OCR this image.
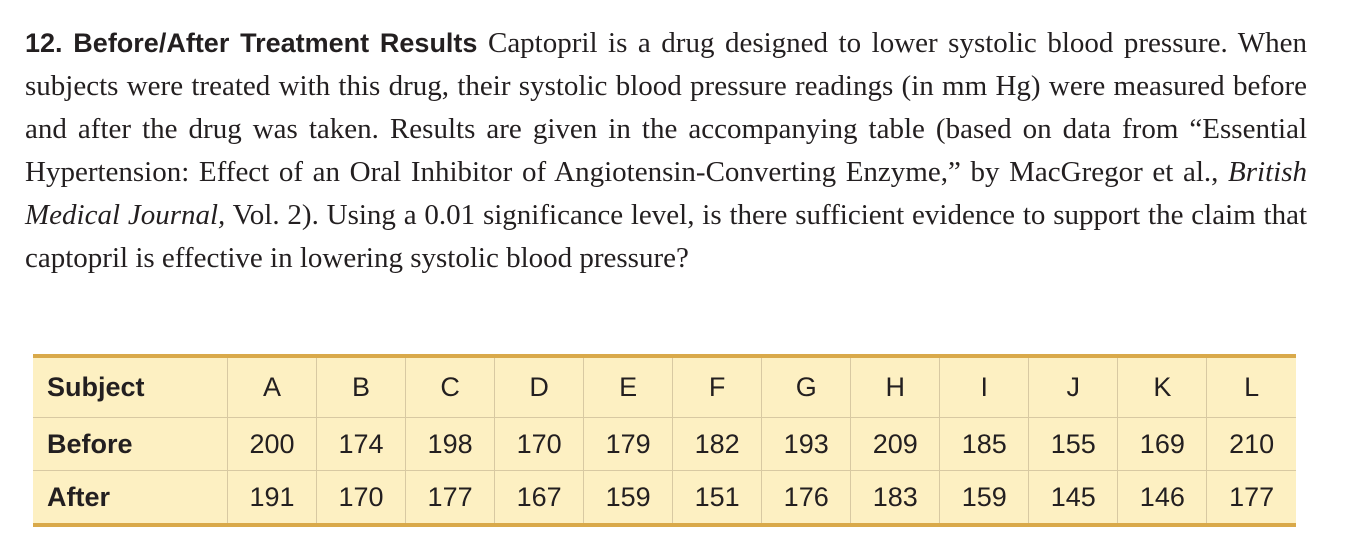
12. Before/After Treatment Results Captopril is a drug designed to lower systolic blood pressure. When subjects were treated with this drug, their systolic blood pressure readings (in mm Hg) were measured before and after the drug was taken. Results are given in the accompanying table (based on data from “Essential Hypertension: Effect of an Oral Inhibitor of Angiotensin-Converting Enzyme,” by MacGregor et al., British Medical Journal, Vol. 2). Using a 0.01 significance level, is there sufficient evidence to support the claim that captopril is effective in lowering systolic blood pressure?
Subject	A	B	C	D	E	F	G	H	I	J	K	L
Before	200	174	198	170	179	182	193	209	185	155	169	210
After	191	170	177	167	159	151	176	183	159	145	146	177
